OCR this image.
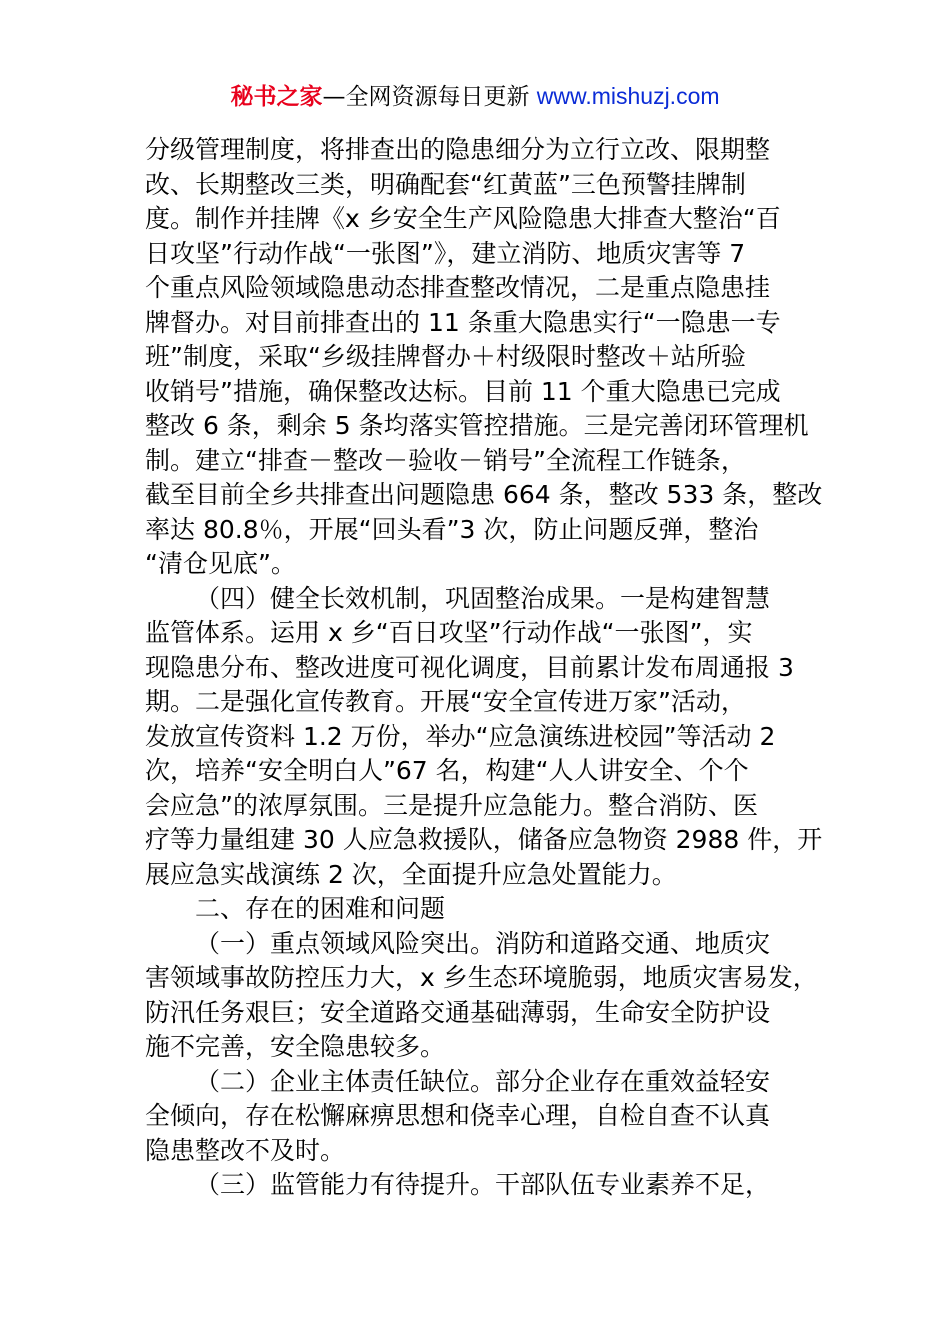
秘书之家—全网资源每日更新 www.mishuzj.com
分级管理制度，将排查出的隐患细分为立行立改、限期整
改、长期整改三类，明确配套“红黄蓝”三色预警挂牌制
度。制作并挂牌《x 乡安全生产风险隐患大排查大整治“百
日攻坚”行动作战“一张图”》，建立消防、地质灾害等 7
个重点风险领域隐患动态排查整改情况，二是重点隐患挂
牌督办。对目前排查出的 11 条重大隐患实行“一隐患一专
班”制度，采取“乡级挂牌督办＋村级限时整改＋站所验
收销号”措施，确保整改达标。目前 11 个重大隐患已完成
整改 6 条，剩余 5 条均落实管控措施。三是完善闭环管理机
制。建立“排查－整改－验收－销号”全流程工作链条，
截至目前全乡共排查出问题隐患 664 条，整改 533 条，整改
率达 80.8％，开展“回头看”3 次，防止问题反弹，整治
“清仓见底”。
（四）健全长效机制，巩固整治成果。一是构建智慧
监管体系。运用 x 乡“百日攻坚”行动作战“一张图”，实
现隐患分布、整改进度可视化调度，目前累计发布周通报 3
期。二是强化宣传教育。开展“安全宣传进万家”活动，
发放宣传资料 1.2 万份，举办“应急演练进校园”等活动 2
次，培养“安全明白人”67 名，构建“人人讲安全、个个
会应急”的浓厚氛围。三是提升应急能力。整合消防、医
疗等力量组建 30 人应急救援队，储备应急物资 2988 件，开
展应急实战演练 2 次，全面提升应急处置能力。
二、存在的困难和问题
（一）重点领域风险突出。消防和道路交通、地质灾
害领域事故防控压力大，x 乡生态环境脆弱，地质灾害易发，
防汛任务艰巨；安全道路交通基础薄弱，生命安全防护设
施不完善，安全隐患较多。
（二）企业主体责任缺位。部分企业存在重效益轻安
全倾向，存在松懈麻痹思想和侥幸心理，自检自查不认真
隐患整改不及时。
（三）监管能力有待提升。干部队伍专业素养不足，
